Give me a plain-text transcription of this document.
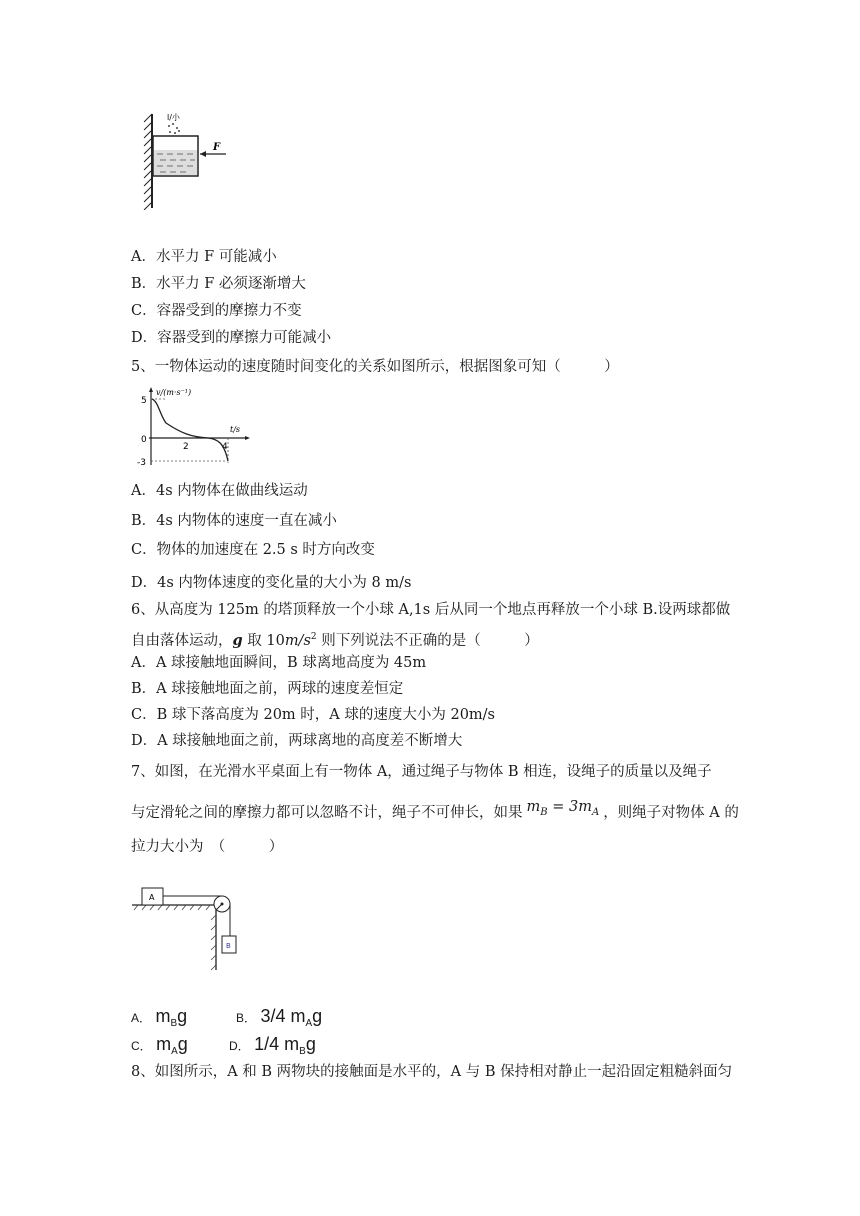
l/小
F
A．水平力 F 可能减小
B．水平力 F 必须逐渐增大
C．容器受到的摩擦力不变
D．容器受到的摩擦力可能减小
5、一物体运动的速度随时间变化的关系如图所示，根据图象可知（　　　）
v/(m·s⁻¹)
t/s
5
0
-3
2	4
A．4s 内物体在做曲线运动
B．4s 内物体的速度一直在减小
C．物体的加速度在 2.5 s 时方向改变
D．4s 内物体速度的变化量的大小为 8 m/s
6、从高度为 125m 的塔顶释放一个小球 A,1s 后从同一个地点再释放一个小球 B.设两球都做
自由落体运动，g 取 $10m/s^2$ 则下列说法不正确的是（　　　）
A．A 球接触地面瞬间，B 球离地高度为 45m
B．A 球接触地面之前，两球的速度差恒定
C．B 球下落高度为 20m 时，A 球的速度大小为 20m/s
D．A 球接触地面之前，两球离地的高度差不断增大
7、如图，在光滑水平桌面上有一物体 A，通过绳子与物体 B 相连，设绳子的质量以及绳子
与定滑轮之间的摩擦力都可以忽略不计，绳子不可伸长，如果 $m_B = 3m_A$ ，则绳子对物体 A 的
拉力大小为　（　　　）
A
B
A． $m_Bg$	B． 3/4 $m_Ag$
C． $m_Ag$	D． 1/4 $m_Bg$
8、如图所示，A 和 B 两物块的接触面是水平的，A 与 B 保持相对静止一起沿固定粗糙斜面匀
